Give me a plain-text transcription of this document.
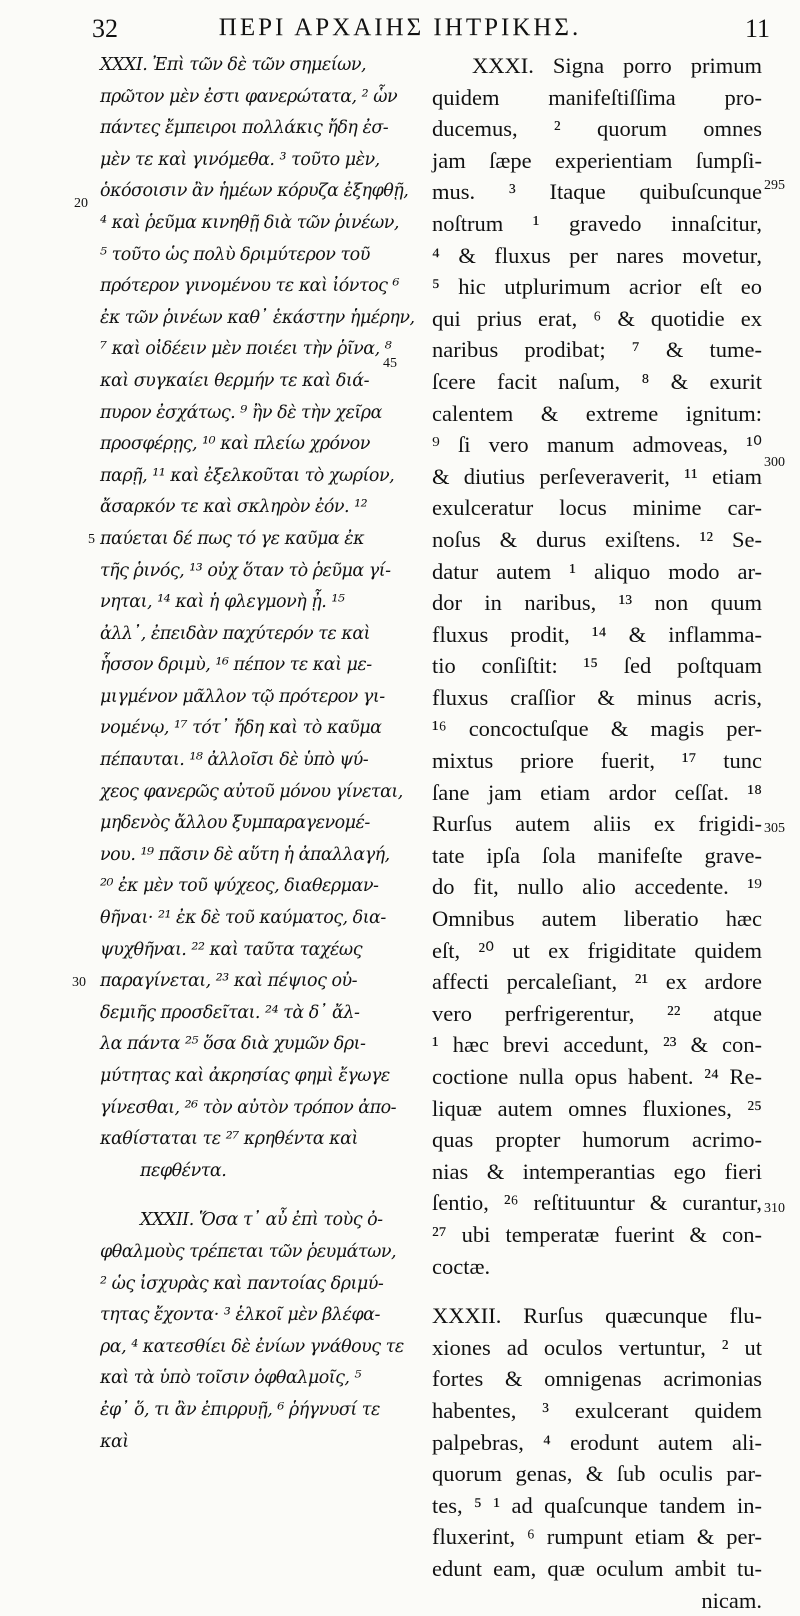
32	ΠΕΡΙ ΑΡΧΑΙΗΣ ΙΗΤΡΙΚΗΣ.	11
XXXI. Ἐπὶ τῶν δὲ τῶν σημείων,
πρῶτον μὲν ἐστι φανερώτατα, ² ὧν
πάντες ἔμπειροι πολλάκις ἤδη ἐσ-
μὲν τε καὶ γινόμεθα. ³ τοῦτο μὲν,
ὁκόσοισιν ἂν ἡμέων κόρυζα ἐξηφθῇ,
⁴ καὶ ῥεῦμα κινηθῇ διὰ τῶν ῥινέων,
⁵ τοῦτο ὡς πολὺ δριμύτερον τοῦ
πρότερον γινομένου τε καὶ ἰόντος ⁶
ἐκ τῶν ῥινέων καθ᾽ ἑκάστην ἡμέρην,
⁷ καὶ οἰδέειν μὲν ποιέει τὴν ῥῖνα, ⁸
καὶ συγκαίει θερμήν τε καὶ διά-
πυρον ἐσχάτως. ⁹ ἢν δὲ τὴν χεῖρα
προσφέρῃς, ¹⁰ καὶ πλείω χρόνον
παρῇ, ¹¹ καὶ ἐξελκοῦται τὸ χωρίον,
ἄσαρκόν τε καὶ σκληρὸν ἐόν. ¹²
παύεται δέ πως τό γε καῦμα ἐκ
τῆς ῥινός, ¹³ οὐχ ὅταν τὸ ῥεῦμα γί-
νηται, ¹⁴ καὶ ἡ φλεγμονὴ ᾖ. ¹⁵
ἀλλ᾽, ἐπειδὰν παχύτερόν τε καὶ
ἧσσον δριμὺ, ¹⁶ πέπον τε καὶ με-
μιγμένον μᾶλλον τῷ πρότερον γι-
νομένῳ, ¹⁷ τότ᾽ ἤδη καὶ τὸ καῦμα
πέπαυται. ¹⁸ ἀλλοῖσι δὲ ὑπὸ ψύ-
χεος φανερῶς αὐτοῦ μόνου γίνεται,
μηδενὸς ἄλλου ξυμπαραγενομέ-
νου. ¹⁹ πᾶσιν δὲ αὕτη ἡ ἀπαλλαγή,
²⁰ ἐκ μὲν τοῦ ψύχεος, διαθερμαν-
θῆναι· ²¹ ἐκ δὲ τοῦ καύματος, δια-
ψυχθῆναι. ²² καὶ ταῦτα ταχέως
παραγίνεται, ²³ καὶ πέψιος οὐ-
δεμιῆς προσδεῖται. ²⁴ τὰ δ᾽ ἄλ-
λα πάντα ²⁵ ὅσα διὰ χυμῶν δρι-
μύτητας καὶ ἀκρησίας φημὶ ἔγωγε
γίνεσθαι, ²⁶ τὸν αὐτὸν τρόπον ἀπο-
καθίσταται τε ²⁷ κρηθέντα καὶ
πεφθέντα.
XXXII. Ὅσα τ᾽ αὖ ἐπὶ τοὺς ὀ-
φθαλμοὺς τρέπεται τῶν ῥευμάτων,
² ὡς ἰσχυρὰς καὶ παντοίας δριμύ-
τητας ἔχοντα· ³ ἑλκοῖ μὲν βλέφα-
ρα, ⁴ κατεσθίει δὲ ἐνίων γνάθους τε
καὶ τὰ ὑπὸ τοῖσιν ὀφθαλμοῖς, ⁵
ἐφ᾽ ὅ, τι ἂν ἐπιρρυῇ, ⁶ ῥήγνυσί τε
καὶ
XXXI. Signa porro primum
quidem manifeſtiſſima pro-
ducemus, ² quorum omnes
jam ſæpe experientiam ſumpſi-
mus. ³ Itaque quibuſcunque
noſtrum ¹ gravedo innaſcitur,
⁴ & fluxus per nares movetur,
⁵ hic utplurimum acrior eſt eo
qui prius erat, ⁶ & quotidie ex
naribus prodibat; ⁷ & tume-
ſcere facit naſum, ⁸ & exurit
calentem & extreme ignitum:
⁹ ſi vero manum admoveas, ¹⁰
& diutius perſeveraverit, ¹¹ etiam
exulceratur locus minime car-
noſus & durus exiſtens. ¹² Se-
datur autem ¹ aliquo modo ar-
dor in naribus, ¹³ non quum
fluxus prodit, ¹⁴ & inflamma-
tio conſiſtit: ¹⁵ ſed poſtquam
fluxus craſſior & minus acris,
¹⁶ concoctuſque & magis per-
mixtus priore fuerit, ¹⁷ tunc
ſane jam etiam ardor ceſſat. ¹⁸
Rurſus autem aliis ex frigidi-
tate ipſa ſola manifeſte grave-
do fit, nullo alio accedente. ¹⁹
Omnibus autem liberatio hæc
eſt, ²⁰ ut ex frigiditate quidem
affecti percaleſiant, ²¹ ex ardore
vero perfrigerentur, ²² atque
¹ hæc brevi accedunt, ²³ & con-
coctione nulla opus habent. ²⁴ Re-
liquæ autem omnes fluxiones, ²⁵
quas propter humorum acrimo-
nias & intemperantias ego fieri
ſentio, ²⁶ reſtituuntur & curantur,
²⁷ ubi temperatæ fuerint & con-
coctæ.
XXXII. Rurſus quæcunque flu-
xiones ad oculos vertuntur, ² ut
fortes & omnigenas acrimonias
habentes, ³ exulcerant quidem
palpebras, ⁴ erodunt autem ali-
quorum genas, & ſub oculis par-
tes, ⁵ ¹ ad quaſcunque tandem in-
fluxerint, ⁶ rumpunt etiam & per-
edunt eam, quæ oculum ambit tu-
nicam.
20
45
5
30
295
300
305
310
